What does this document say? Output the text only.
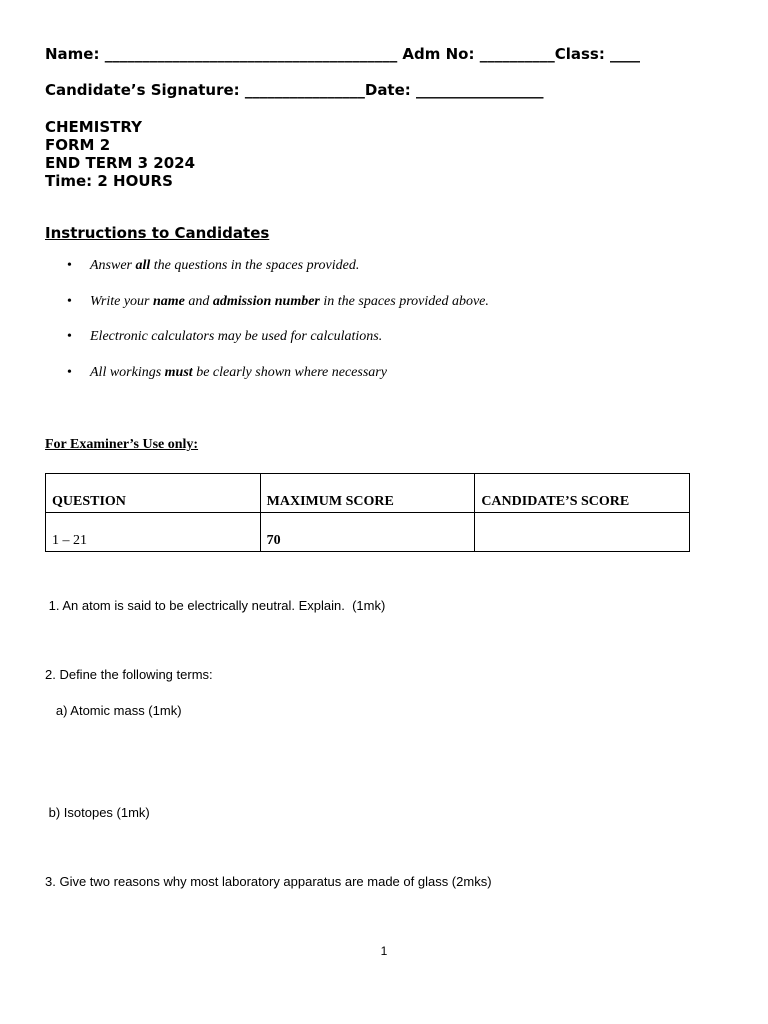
Name: _______________________________________ Adm No: __________Class: ____
Candidate’s Signature: ________________Date: _________________
CHEMISTRY
FORM 2
END TERM 3 2024
Time: 2 HOURS
Instructions to Candidates
• Answer all the questions in the spaces provided.
• Write your name and admission number in the spaces provided above.
• Electronic calculators may be used for calculations.
• All workings must be clearly shown where necessary
For Examiner’s Use only:
QUESTION	MAXIMUM SCORE	CANDIDATE’S SCORE
1 – 21	70	
1. An atom is said to be electrically neutral. Explain.  (1mk)
2. Define the following terms:
a) Atomic mass (1mk)
b) Isotopes (1mk)
3. Give two reasons why most laboratory apparatus are made of glass (2mks)
1
